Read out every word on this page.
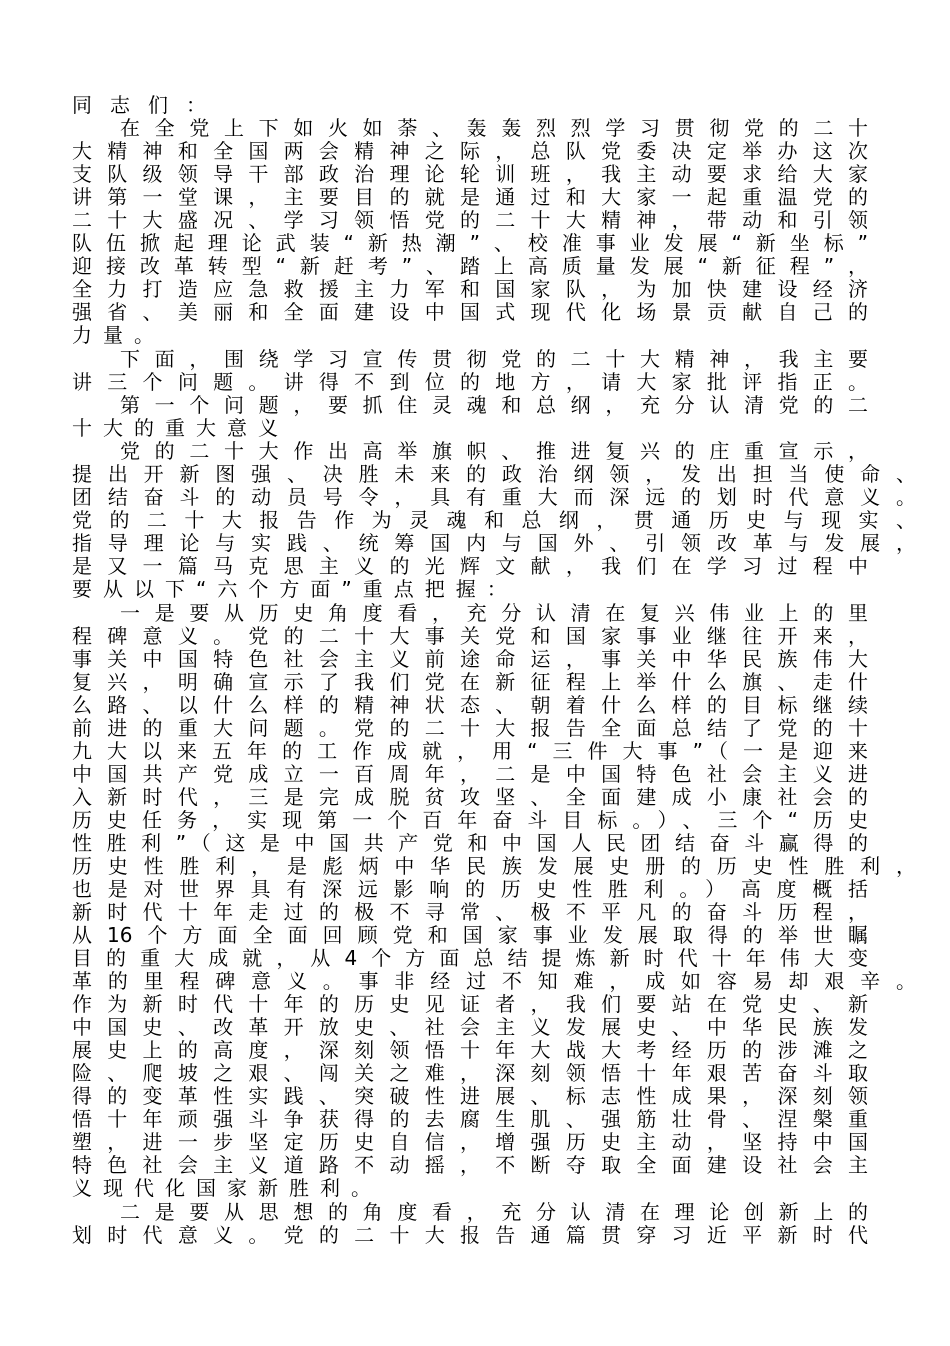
同志们：
在全党上下如火如荼、轰轰烈烈学习贯彻党的二十
大精神和全国两会精神之际，总队党委决定举办这次
支队级领导干部政治理论轮训班，我主动要求给大家
讲第一堂课，主要目的就是通过和大家一起重温党的
二十大盛况、学习领悟党的二十大精神，带动和引领
队伍掀起理论武装“新热潮”、校准事业发展“新坐标”
迎接改革转型“新赶考”、踏上高质量发展“新征程”，
全力打造应急救援主力军和国家队，为加快建设经济
强省、美丽和全面建设中国式现代化场景贡献自己的
力量。
下面，围绕学习宣传贯彻党的二十大精神，我主要
讲三个问题。讲得不到位的地方，请大家批评指正。
第一个问题，要抓住灵魂和总纲，充分认清党的二
十大的重大意义
党的二十大作出高举旗帜、推进复兴的庄重宣示，
提出开新图强、决胜未来的政治纲领，发出担当使命、
团结奋斗的动员号令，具有重大而深远的划时代意义。
党的二十大报告作为灵魂和总纲，贯通历史与现实、
指导理论与实践、统筹国内与国外、引领改革与发展，
是又一篇马克思主义的光辉文献，我们在学习过程中
要从以下“六个方面”重点把握：
一是要从历史角度看，充分认清在复兴伟业上的里
程碑意义。党的二十大事关党和国家事业继往开来，
事关中国特色社会主义前途命运，事关中华民族伟大
复兴，明确宣示了我们党在新征程上举什么旗、走什
么路、以什么样的精神状态、朝着什么样的目标继续
前进的重大问题。党的二十大报告全面总结了党的十
九大以来五年的工作成就，用“三件大事”（一是迎来
中国共产党成立一百周年，二是中国特色社会主义进
入新时代，三是完成脱贫攻坚、全面建成小康社会的
历史任务，实现第一个百年奋斗目标。）、三个“历史
性胜利”（这是中国共产党和中国人民团结奋斗赢得的
历史性胜利，是彪炳中华民族发展史册的历史性胜利，
也是对世界具有深远影响的历史性胜利。）高度概括
新时代十年走过的极不寻常、极不平凡的奋斗历程，
从16个方面全面回顾党和国家事业发展取得的举世瞩
目的重大成就，从4个方面总结提炼新时代十年伟大变
革的里程碑意义。事非经过不知难，成如容易却艰辛。
作为新时代十年的历史见证者，我们要站在党史、新
中国史、改革开放史、社会主义发展史、中华民族发
展史上的高度，深刻领悟十年大战大考经历的涉滩之
险、爬坡之艰、闯关之难，深刻领悟十年艰苦奋斗取
得的变革性实践、突破性进展、标志性成果，深刻领
悟十年顽强斗争获得的去腐生肌、强筋壮骨、涅槃重
塑，进一步坚定历史自信，增强历史主动，坚持中国
特色社会主义道路不动摇，不断夺取全面建设社会主
义现代化国家新胜利。
二是要从思想的角度看，充分认清在理论创新上的
划时代意义。党的二十大报告通篇贯穿习近平新时代
